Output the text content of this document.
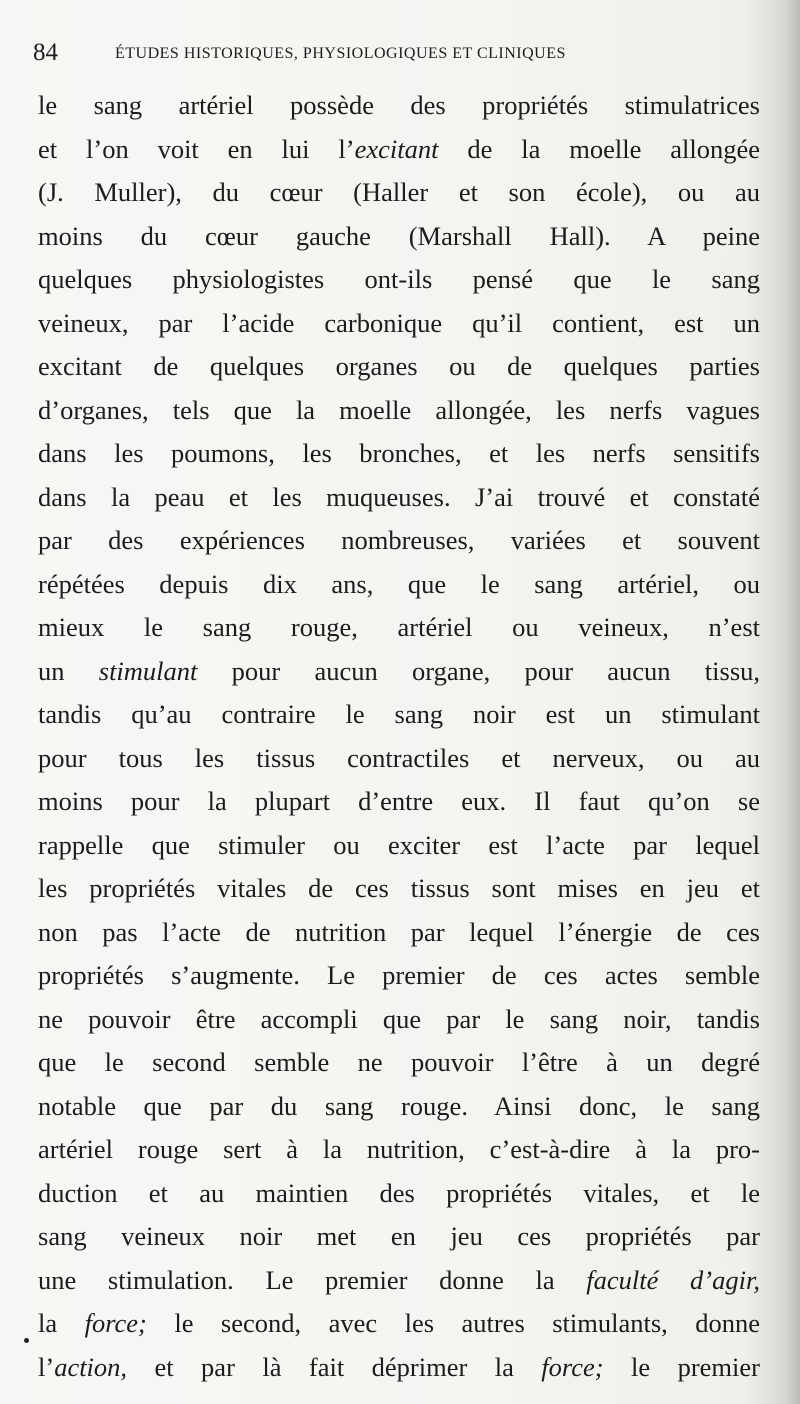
84	ÉTUDES HISTORIQUES, PHYSIOLOGIQUES ET CLINIQUES
le sang artériel possède des propriétés stimulatrices
et l’on voit en lui l’excitant de la moelle allongée
(J. Muller), du cœur (Haller et son école), ou au
moins du cœur gauche (Marshall Hall). A peine
quelques physiologistes ont-ils pensé que le sang
veineux, par l’acide carbonique qu’il contient, est un
excitant de quelques organes ou de quelques parties
d’organes, tels que la moelle allongée, les nerfs vagues
dans les poumons, les bronches, et les nerfs sensitifs
dans la peau et les muqueuses. J’ai trouvé et constaté
par des expériences nombreuses, variées et souvent
répétées depuis dix ans, que le sang artériel, ou
mieux le sang rouge, artériel ou veineux, n’est
un stimulant pour aucun organe, pour aucun tissu,
tandis qu’au contraire le sang noir est un stimulant
pour tous les tissus contractiles et nerveux, ou au
moins pour la plupart d’entre eux. Il faut qu’on se
rappelle que stimuler ou exciter est l’acte par lequel
les propriétés vitales de ces tissus sont mises en jeu et
non pas l’acte de nutrition par lequel l’énergie de ces
propriétés s’augmente. Le premier de ces actes semble
ne pouvoir être accompli que par le sang noir, tandis
que le second semble ne pouvoir l’être à un degré
notable que par du sang rouge. Ainsi donc, le sang
artériel rouge sert à la nutrition, c’est-à-dire à la pro-
duction et au maintien des propriétés vitales, et le
sang veineux noir met en jeu ces propriétés par
une stimulation. Le premier donne la faculté d’agir,
la force; le second, avec les autres stimulants, donne
l’action, et par là fait déprimer la force; le premier
